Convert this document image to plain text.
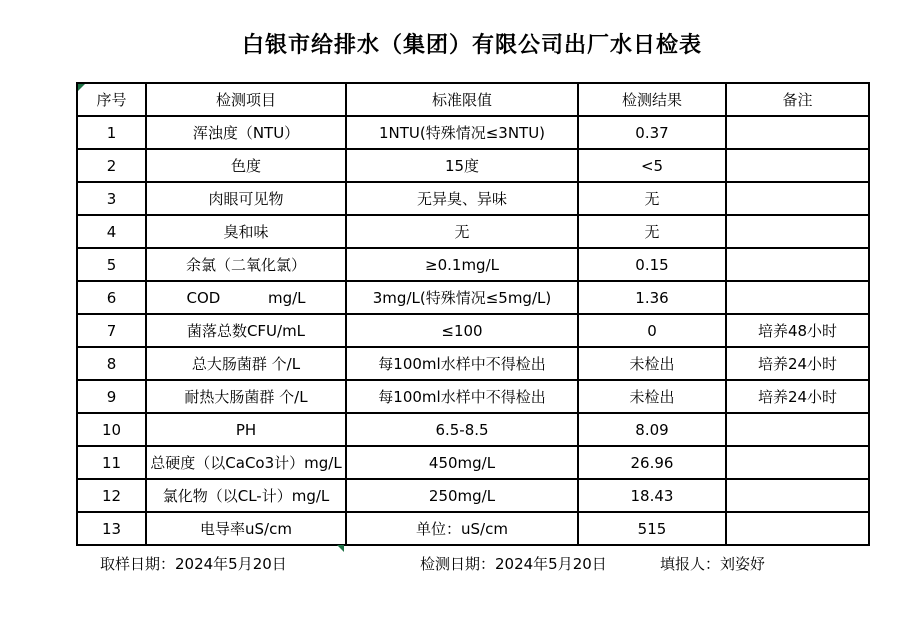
白银市给排水（集团）有限公司出厂水日检表
序号	检测项目	标准限值	检测结果	备注
1	浑浊度（NTU）	1NTU(特殊情况≤3NTU)	0.37	
2	色度	15度	<5	
3	肉眼可见物	无异臭、异味	无	
4	臭和味	无	无	
5	余氯（二氧化氯）	≥0.1mg/L	0.15	
6	COD          mg/L	3mg/L(特殊情况≤5mg/L)	1.36	
7	菌落总数CFU/mL	≤100	0	培养48小时
8	总大肠菌群 个/L	每100ml水样中不得检出	未检出	培养24小时
9	耐热大肠菌群 个/L	每100ml水样中不得检出	未检出	培养24小时
10	PH	6.5-8.5	8.09	
11	总硬度（以CaCo3计）mg/L	450mg/L	26.96	
12	氯化物（以CL-计）mg/L	250mg/L	18.43	
13	电导率uS/cm	单位：uS/cm	515	
取样日期：2024年5月20日	检测日期：2024年5月20日	填报人：刘姿妤
